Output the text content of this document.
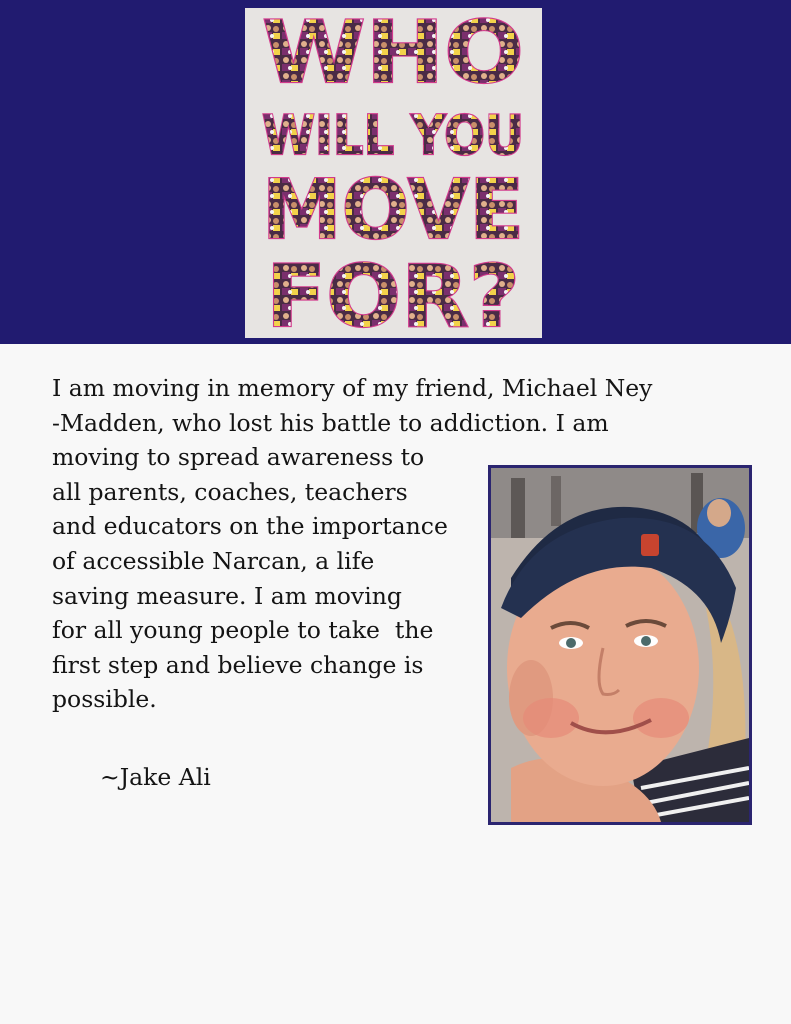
WHO
WILL YOU
MOVE
FOR?
I am moving in memory of my friend, Michael Ney
-Madden, who lost his battle to addiction. I am
moving to spread awareness to
all parents, coaches, teachers
and educators on the importance
of accessible Narcan, a life
saving measure. I am moving
for all young people to take  the
first step and believe change is
possible.
~Jake Ali
